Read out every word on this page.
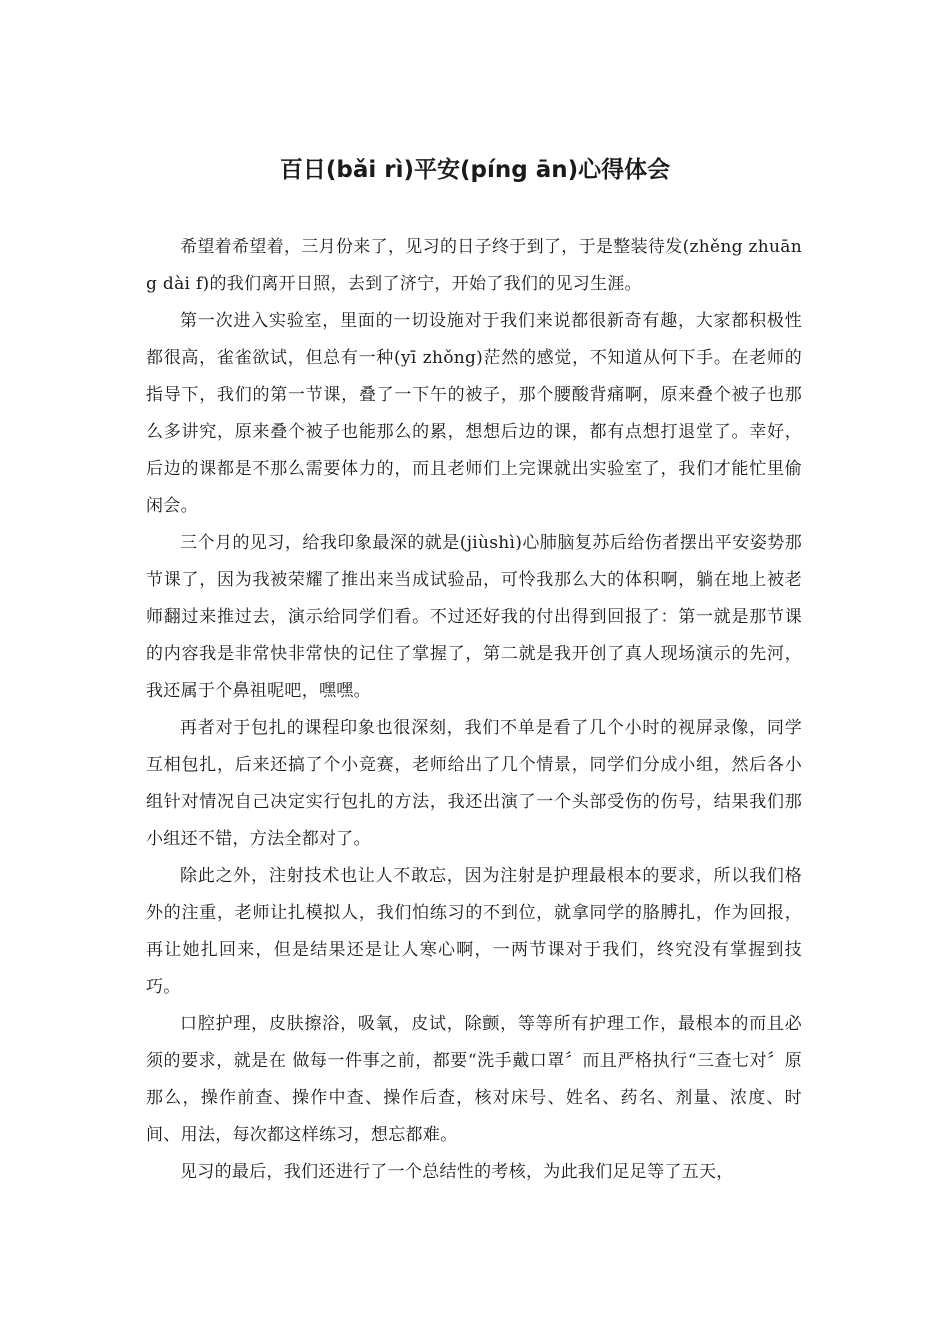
百日(bǎi rì)平安(píng ān)心得体会

希望着希望着，三月份来了，见习的日子终于到了，于是整装待发(zhěng zhuāng dài f)的我们离开日照，去到了济宁，开始了我们的见习生涯。

第一次进入实验室，里面的一切设施对于我们来说都很新奇有趣，大家都积极性都很高，雀雀欲试，但总有一种(yī zhǒng)茫然的感觉，不知道从何下手。在老师的指导下，我们的第一节课，叠了一下午的被子，那个腰酸背痛啊，原来叠个被子也那么多讲究，原来叠个被子也能那么的累，想想后边的课，都有点想打退堂了。幸好，后边的课都是不那么需要体力的，而且老师们上完课就出实验室了，我们才能忙里偷闲会。

三个月的见习，给我印象最深的就是(jiùshì)心肺脑复苏后给伤者摆出平安姿势那节课了，因为我被荣耀了推出来当成试验品，可怜我那么大的体积啊，躺在地上被老师翻过来推过去，演示给同学们看。不过还好我的付出得到回报了：第一就是那节课的内容我是非常快非常快的记住了掌握了，第二就是我开创了真人现场演示的先河，我还属于个鼻祖呢吧，嘿嘿。

再者对于包扎的课程印象也很深刻，我们不单是看了几个小时的视屏录像，同学互相包扎，后来还搞了个小竞赛，老师给出了几个情景，同学们分成小组，然后各小组针对情况自己决定实行包扎的方法，我还出演了一个头部受伤的伤号，结果我们那小组还不错，方法全都对了。

除此之外，注射技术也让人不敢忘，因为注射是护理最根本的要求，所以我们格外的注重，老师让扎模拟人，我们怕练习的不到位，就拿同学的胳膊扎，作为回报，再让她扎回来，但是结果还是让人寒心啊，一两节课对于我们，终究没有掌握到技巧。

口腔护理，皮肤擦浴，吸氧，皮试，除颤，等等所有护理工作，最根本的而且必须的要求，就是在 做每一件事之前，都要“洗手戴口罩〞而且严格执行“三查七对〞原那么，操作前查、操作中查、操作后查，核对床号、姓名、药名、剂量、浓度、时间、用法，每次都这样练习，想忘都难。

见习的最后，我们还进行了一个总结性的考核，为此我们足足等了五天，
